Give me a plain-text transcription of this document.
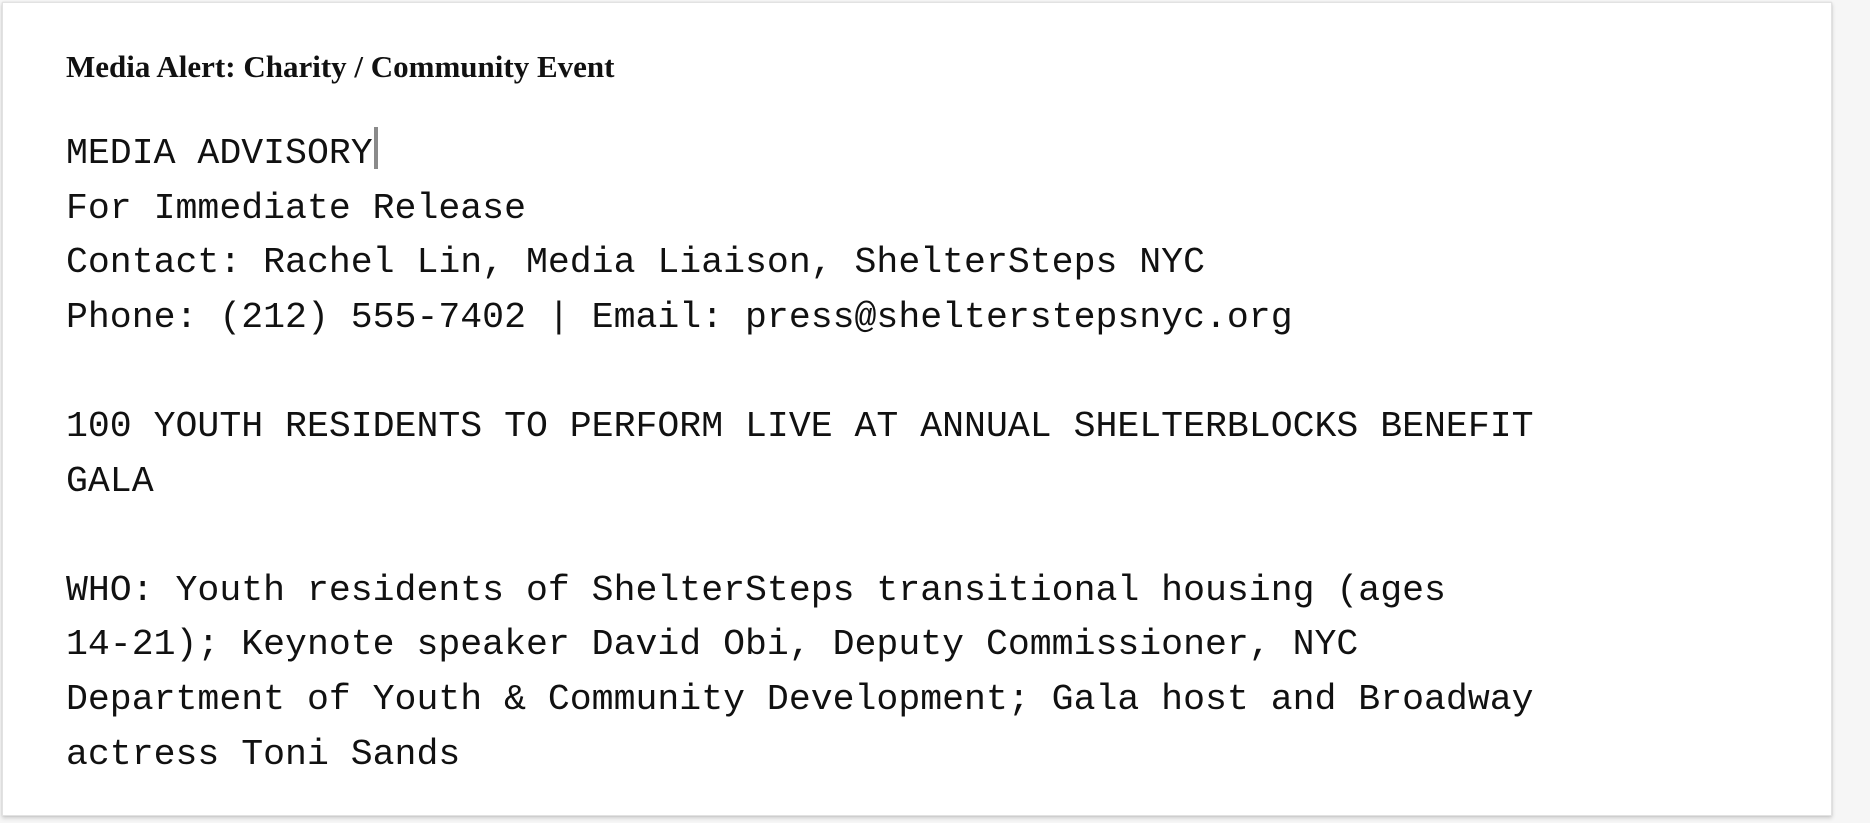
Media Alert: Charity / Community Event
MEDIA ADVISORY
For Immediate Release
Contact: Rachel Lin, Media Liaison, ShelterSteps NYC
Phone: (212) 555-7402 | Email: press@shelterstepsnyc.org
100 YOUTH RESIDENTS TO PERFORM LIVE AT ANNUAL SHELTERBLOCKS BENEFIT
GALA
WHO: Youth residents of ShelterSteps transitional housing (ages
14-21); Keynote speaker David Obi, Deputy Commissioner, NYC
Department of Youth & Community Development; Gala host and Broadway
actress Toni Sands
